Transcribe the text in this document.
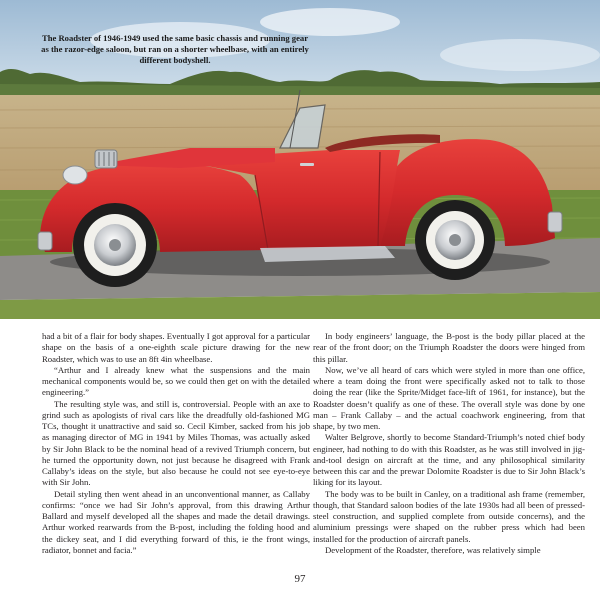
The Roadster of 1946-1949 used the same basic chassis and running gear as the razor-edge saloon, but ran on a shorter wheelbase, with an entirely different bodyshell.

had a bit of a flair for body shapes. Eventually I got approval for a particular shape on the basis of a one-eighth scale picture drawing for the new Roadster, which was to use an 8ft 4in wheelbase.

“Arthur and I already knew what the suspensions and the main mechanical components would be, so we could then get on with the detailed engineering.”

The resulting style was, and still is, controversial. People with an axe to grind such as apologists of rival cars like the dreadfully old-fashioned MG TCs, thought it unattractive and said so. Cecil Kimber, sacked from his job as managing director of MG in 1941 by Miles Thomas, was actually asked by Sir John Black to be the nominal head of a revived Triumph concern, but he turned the opportunity down, not just because he disagreed with Frank Callaby’s ideas on the style, but also because he could not see eye-to-eye with Sir John.

Detail styling then went ahead in an unconventional manner, as Callaby confirms: “once we had Sir John’s approval, from this drawing Arthur Ballard and myself developed all the shapes and made the detail drawings. Arthur worked rearwards from the B-post, including the folding hood and the dickey seat, and I did everything forward of this, ie the front wings, radiator, bonnet and facia.”

In body engineers’ language, the B-post is the body pillar placed at the rear of the front door; on the Triumph Roadster the doors were hinged from this pillar.

Now, we’ve all heard of cars which were styled in more than one office, where a team doing the front were specifically asked not to talk to those doing the rear (like the Sprite/Midget face-lift of 1961, for instance), but the Roadster doesn’t qualify as one of these. The overall style was done by one man – Frank Callaby – and the actual coachwork engineering, from that shape, by two men.

Walter Belgrove, shortly to become Standard-Triumph’s noted chief body engineer, had nothing to do with this Roadster, as he was still involved in jig-and-tool design on aircraft at the time, and any philosophical similarity between this car and the prewar Dolomite Roadster is due to Sir John Black’s liking for its layout.

The body was to be built in Canley, on a traditional ash frame (remember, though, that Standard saloon bodies of the late 1930s had all been of pressed-steel construction, and supplied complete from outside concerns), and the aluminium pressings were shaped on the rubber press which had been installed for the production of aircraft panels.

Development of the Roadster, therefore, was relatively simple

97
